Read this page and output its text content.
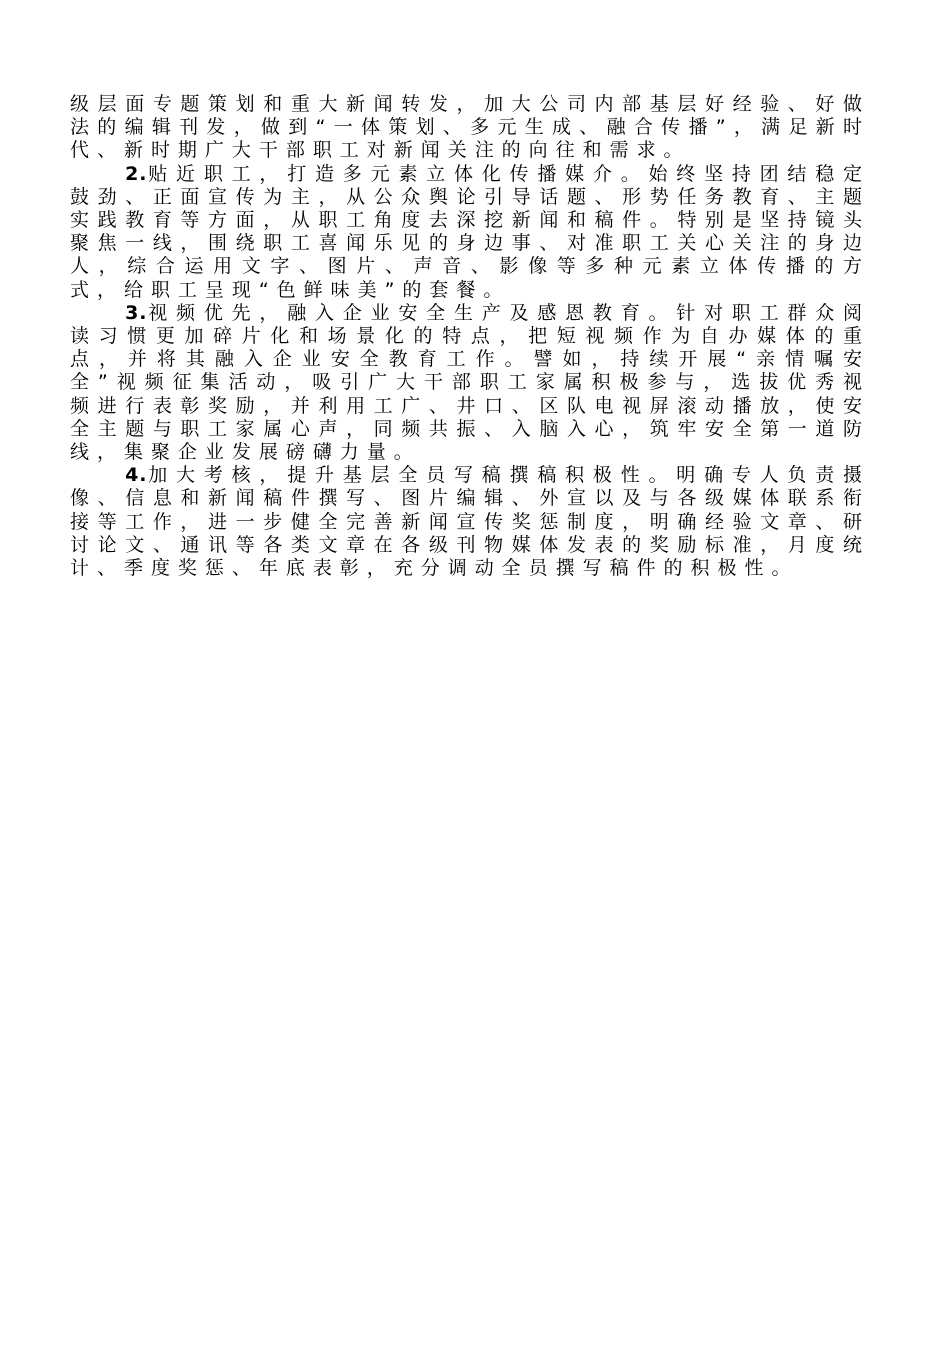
级层面专题策划和重大新闻转发，加大公司内部基层好经验、好做法的编辑刊发，做到“一体策划、多元生成、融合传播”，满足新时代、新时期广大干部职工对新闻关注的向往和需求。

2.贴近职工，打造多元素立体化传播媒介。始终坚持团结稳定鼓劲、正面宣传为主，从公众舆论引导话题、形势任务教育、主题实践教育等方面，从职工角度去深挖新闻和稿件。特别是坚持镜头聚焦一线，围绕职工喜闻乐见的身边事、对准职工关心关注的身边人，综合运用文字、图片、声音、影像等多种元素立体传播的方式，给职工呈现“色鲜味美”的套餐。

3.视频优先，融入企业安全生产及感恩教育。针对职工群众阅读习惯更加碎片化和场景化的特点，把短视频作为自办媒体的重点，并将其融入企业安全教育工作。譬如，持续开展“亲情嘱安全”视频征集活动，吸引广大干部职工家属积极参与，选拔优秀视频进行表彰奖励，并利用工广、井口、区队电视屏滚动播放，使安全主题与职工家属心声，同频共振、入脑入心，筑牢安全第一道防线，集聚企业发展磅礴力量。

4.加大考核，提升基层全员写稿撰稿积极性。明确专人负责摄像、信息和新闻稿件撰写、图片编辑、外宣以及与各级媒体联系衔接等工作，进一步健全完善新闻宣传奖惩制度，明确经验文章、研讨论文、通讯等各类文章在各级刊物媒体发表的奖励标准，月度统计、季度奖惩、年底表彰，充分调动全员撰写稿件的积极性。
